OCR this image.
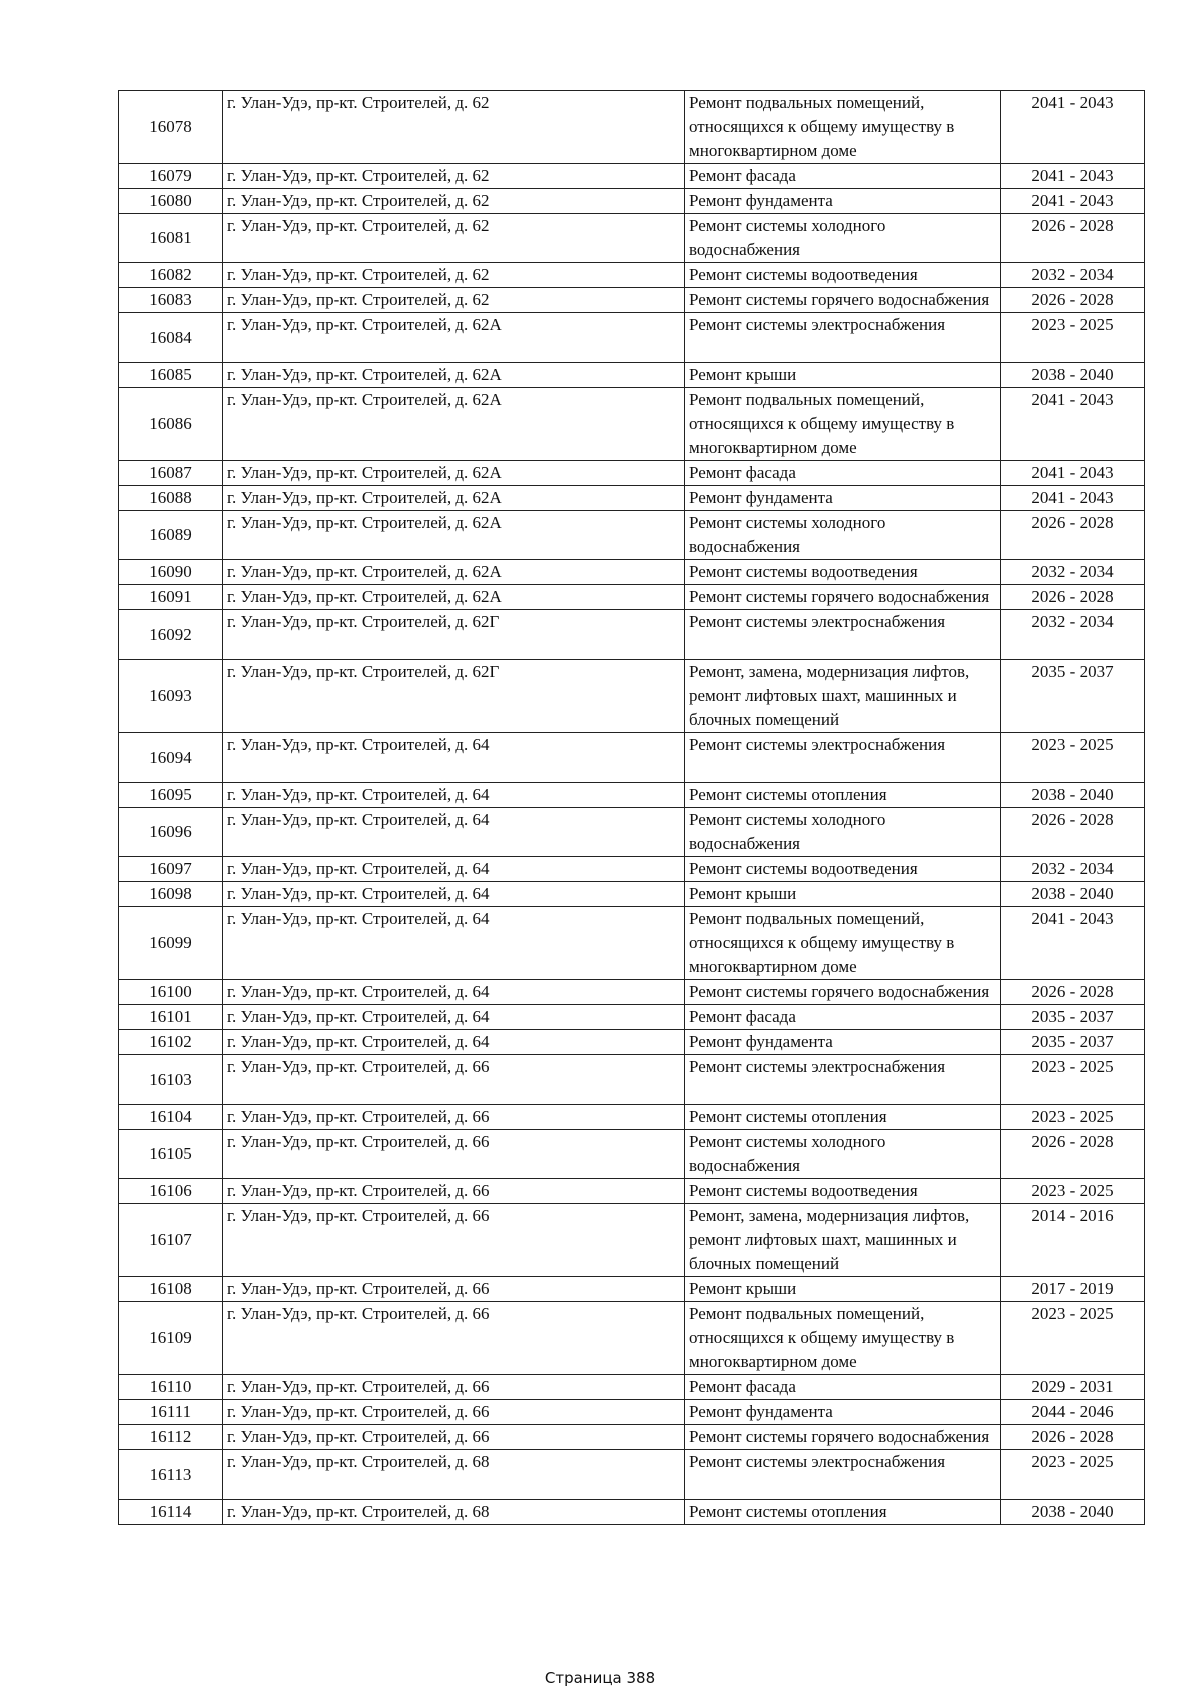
16078	г. Улан-Удэ, пр-кт. Строителей, д. 62	Ремонт подвальных помещений, относящихся к общему имуществу в многоквартирном доме	2041 - 2043
16079	г. Улан-Удэ, пр-кт. Строителей, д. 62	Ремонт фасада	2041 - 2043
16080	г. Улан-Удэ, пр-кт. Строителей, д. 62	Ремонт фундамента	2041 - 2043
16081	г. Улан-Удэ, пр-кт. Строителей, д. 62	Ремонт системы холодного водоснабжения	2026 - 2028
16082	г. Улан-Удэ, пр-кт. Строителей, д. 62	Ремонт системы водоотведения	2032 - 2034
16083	г. Улан-Удэ, пр-кт. Строителей, д. 62	Ремонт системы горячего водоснабжения	2026 - 2028
16084	г. Улан-Удэ, пр-кт. Строителей, д. 62А	Ремонт системы электроснабжения	2023 - 2025
16085	г. Улан-Удэ, пр-кт. Строителей, д. 62А	Ремонт крыши	2038 - 2040
16086	г. Улан-Удэ, пр-кт. Строителей, д. 62А	Ремонт подвальных помещений, относящихся к общему имуществу в многоквартирном доме	2041 - 2043
16087	г. Улан-Удэ, пр-кт. Строителей, д. 62А	Ремонт фасада	2041 - 2043
16088	г. Улан-Удэ, пр-кт. Строителей, д. 62А	Ремонт фундамента	2041 - 2043
16089	г. Улан-Удэ, пр-кт. Строителей, д. 62А	Ремонт системы холодного водоснабжения	2026 - 2028
16090	г. Улан-Удэ, пр-кт. Строителей, д. 62А	Ремонт системы водоотведения	2032 - 2034
16091	г. Улан-Удэ, пр-кт. Строителей, д. 62А	Ремонт системы горячего водоснабжения	2026 - 2028
16092	г. Улан-Удэ, пр-кт. Строителей, д. 62Г	Ремонт системы электроснабжения	2032 - 2034
16093	г. Улан-Удэ, пр-кт. Строителей, д. 62Г	Ремонт, замена, модернизация лифтов, ремонт лифтовых шахт, машинных и блочных помещений	2035 - 2037
16094	г. Улан-Удэ, пр-кт. Строителей, д. 64	Ремонт системы электроснабжения	2023 - 2025
16095	г. Улан-Удэ, пр-кт. Строителей, д. 64	Ремонт системы отопления	2038 - 2040
16096	г. Улан-Удэ, пр-кт. Строителей, д. 64	Ремонт системы холодного водоснабжения	2026 - 2028
16097	г. Улан-Удэ, пр-кт. Строителей, д. 64	Ремонт системы водоотведения	2032 - 2034
16098	г. Улан-Удэ, пр-кт. Строителей, д. 64	Ремонт крыши	2038 - 2040
16099	г. Улан-Удэ, пр-кт. Строителей, д. 64	Ремонт подвальных помещений, относящихся к общему имуществу в многоквартирном доме	2041 - 2043
16100	г. Улан-Удэ, пр-кт. Строителей, д. 64	Ремонт системы горячего водоснабжения	2026 - 2028
16101	г. Улан-Удэ, пр-кт. Строителей, д. 64	Ремонт фасада	2035 - 2037
16102	г. Улан-Удэ, пр-кт. Строителей, д. 64	Ремонт фундамента	2035 - 2037
16103	г. Улан-Удэ, пр-кт. Строителей, д. 66	Ремонт системы электроснабжения	2023 - 2025
16104	г. Улан-Удэ, пр-кт. Строителей, д. 66	Ремонт системы отопления	2023 - 2025
16105	г. Улан-Удэ, пр-кт. Строителей, д. 66	Ремонт системы холодного водоснабжения	2026 - 2028
16106	г. Улан-Удэ, пр-кт. Строителей, д. 66	Ремонт системы водоотведения	2023 - 2025
16107	г. Улан-Удэ, пр-кт. Строителей, д. 66	Ремонт, замена, модернизация лифтов, ремонт лифтовых шахт, машинных и блочных помещений	2014 - 2016
16108	г. Улан-Удэ, пр-кт. Строителей, д. 66	Ремонт крыши	2017 - 2019
16109	г. Улан-Удэ, пр-кт. Строителей, д. 66	Ремонт подвальных помещений, относящихся к общему имуществу в многоквартирном доме	2023 - 2025
16110	г. Улан-Удэ, пр-кт. Строителей, д. 66	Ремонт фасада	2029 - 2031
16111	г. Улан-Удэ, пр-кт. Строителей, д. 66	Ремонт фундамента	2044 - 2046
16112	г. Улан-Удэ, пр-кт. Строителей, д. 66	Ремонт системы горячего водоснабжения	2026 - 2028
16113	г. Улан-Удэ, пр-кт. Строителей, д. 68	Ремонт системы электроснабжения	2023 - 2025
16114	г. Улан-Удэ, пр-кт. Строителей, д. 68	Ремонт системы отопления	2038 - 2040
Страница 388
